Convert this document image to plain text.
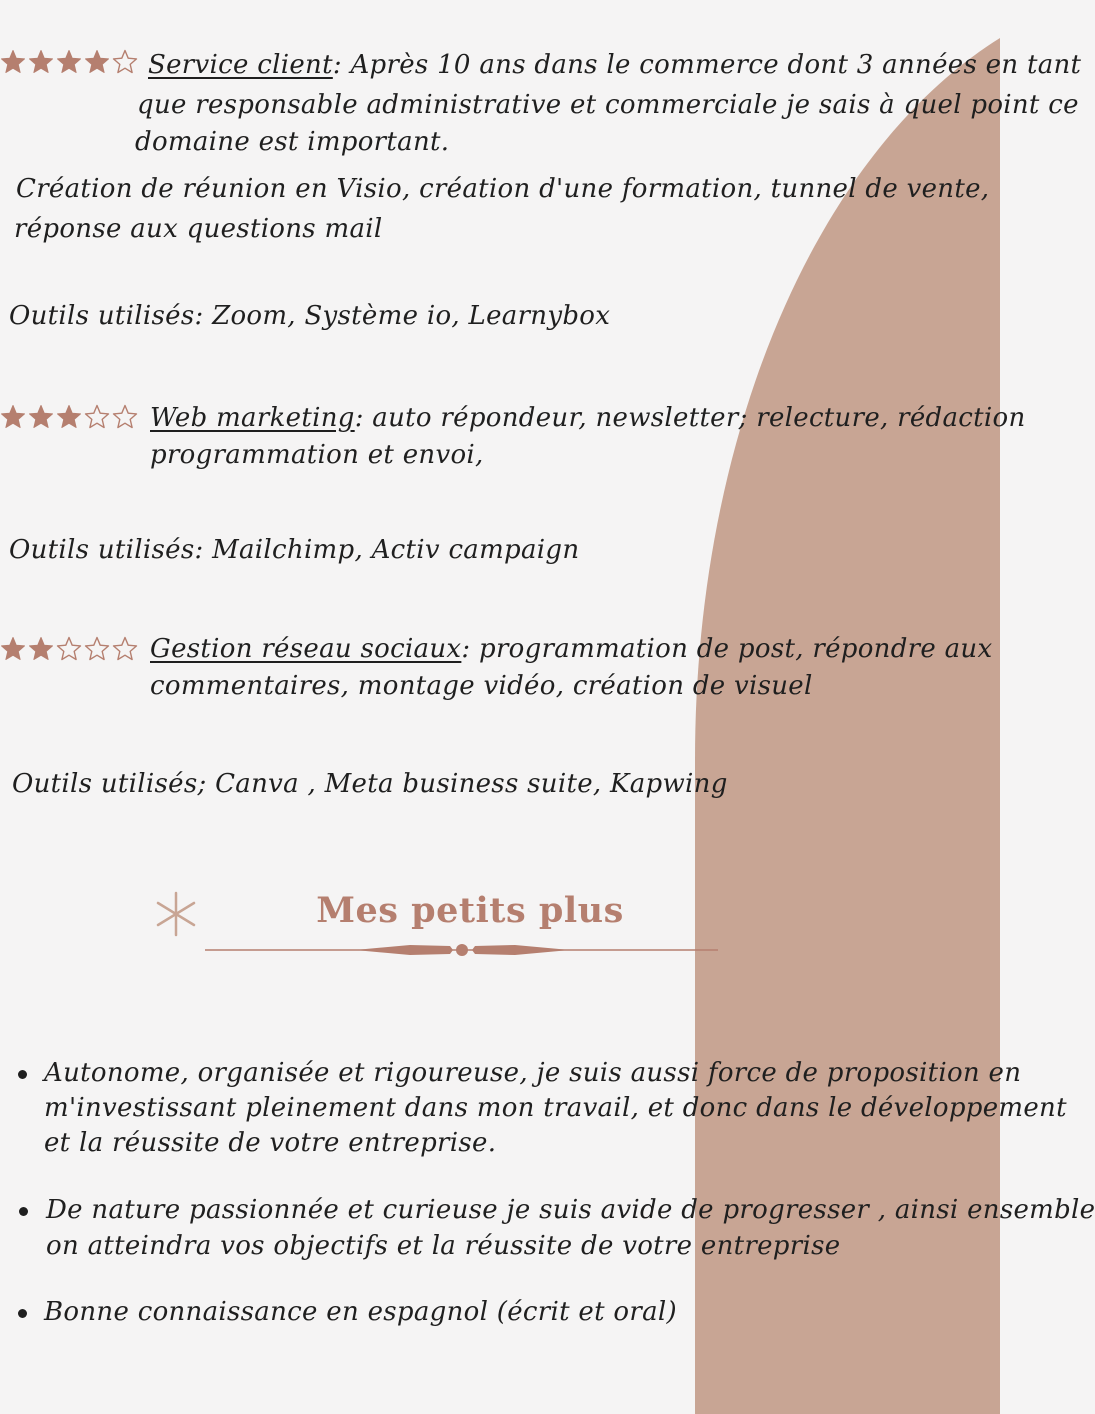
Service client: Après 10 ans dans le commerce dont 3 années en tant
que responsable administrative et commerciale je sais à quel point ce
domaine est important.
Création de réunion en Visio, création d'une formation, tunnel de vente,
réponse aux questions mail
Outils utilisés: Zoom, Système io, Learnybox
Web marketing: auto répondeur, newsletter; relecture, rédaction
programmation et envoi,
Outils utilisés: Mailchimp, Activ campaign
Gestion réseau sociaux: programmation de post, répondre aux
commentaires, montage vidéo, création de visuel
Outils utilisés; Canva , Meta business suite, Kapwing
Mes petits plus
Autonome, organisée et rigoureuse, je suis aussi force de proposition en
m'investissant pleinement dans mon travail, et donc dans le développement
et la réussite de votre entreprise.
De nature passionnée et curieuse je suis avide de progresser , ainsi ensemble
on atteindra vos objectifs et la réussite de votre entreprise
Bonne connaissance en espagnol (écrit et oral)
